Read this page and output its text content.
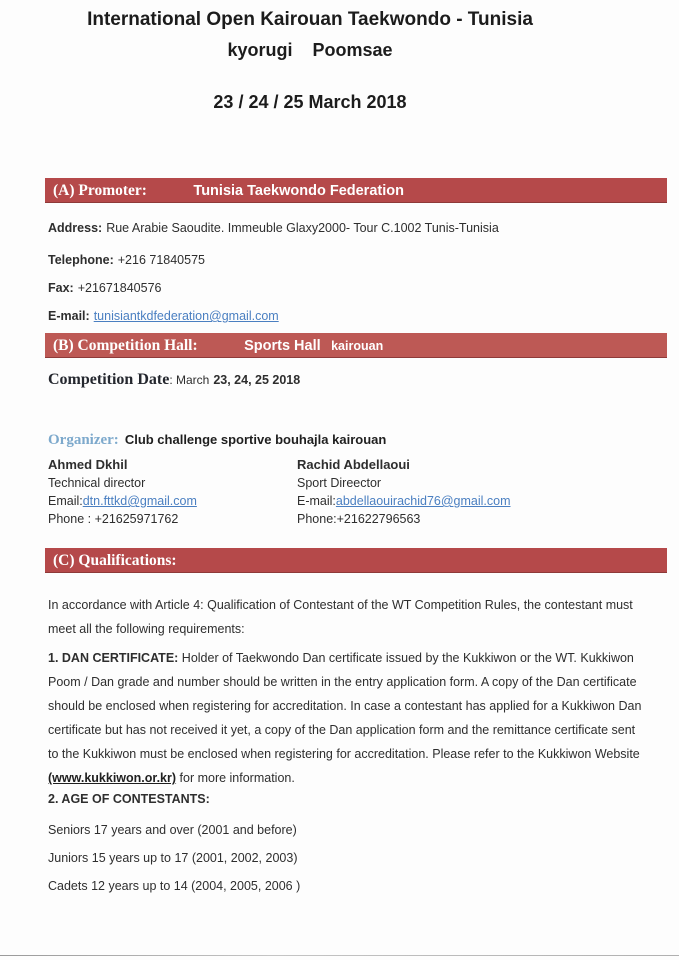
International Open Kairouan Taekwondo - Tunisia
kyorugi    Poomsae
23 / 24 / 25 March 2018
(A) Promoter:	Tunisia Taekwondo Federation

Address: Rue Arabie Saoudite. Immeuble Glaxy2000- Tour C.1002 Tunis-Tunisia

Telephone: +216 71840575

Fax: +21671840576

E-mail: tunisiantkdfederation@gmail.com

(B) Competition Hall:	Sports Hall kairouan

Competition Date: March 23, 24, 25 2018

Organizer: Club challenge sportive bouhajla kairouan

Ahmed Dkhil
Technical director
Email:dtn.fttkd@gmail.com
Phone : +21625971762
Rachid Abdellaoui
Sport Direector
E-mail:abdellaouirachid76@gmail.com
Phone:+21622796563
(C) Qualifications:

In accordance with Article 4: Qualification of Contestant of the WT Competition Rules, the contestant must meet all the following requirements:

1. DAN CERTIFICATE: Holder of Taekwondo Dan certificate issued by the Kukkiwon or the WT. Kukkiwon Poom / Dan grade and number should be written in the entry application form. A copy of the Dan certificate should be enclosed when registering for accreditation. In case a contestant has applied for a Kukkiwon Dan certificate but has not received it yet, a copy of the Dan application form and the remittance certificate sent to the Kukkiwon must be enclosed when registering for accreditation. Please refer to the Kukkiwon Website (www.kukkiwon.or.kr) for more information.

2. AGE OF CONTESTANTS:

Seniors 17 years and over (2001 and before)

Juniors 15 years up to 17 (2001, 2002, 2003)

Cadets 12 years up to 14 (2004, 2005, 2006 )
